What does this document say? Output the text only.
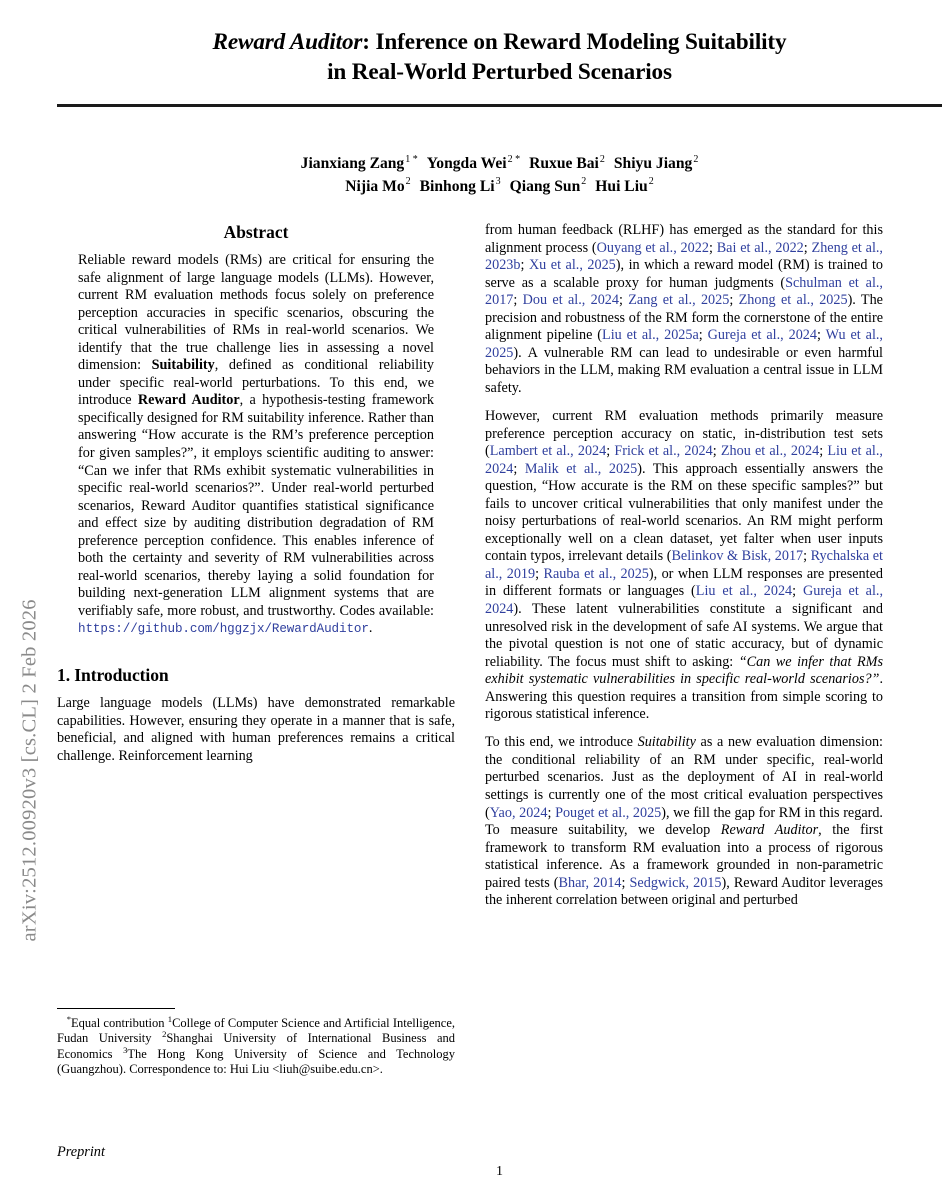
arXiv:2512.00920v3 [cs.CL] 2 Feb 2026
Reward Auditor: Inference on Reward Modeling Suitability
in Real-World Perturbed Scenarios
Jianxiang Zang$^{1 *}$ Yongda Wei$^{2 *}$ Ruxue Bai$^2$ Shiyu Jiang$^2$
Nijia Mo$^2$ Binhong Li$^3$ Qiang Sun$^2$ Hui Liu$^2$
Abstract
Reliable reward models (RMs) are critical for ensuring the safe alignment of large language models (LLMs). However, current RM evaluation methods focus solely on preference perception accuracies in specific scenarios, obscuring the critical vulnerabilities of RMs in real-world scenarios. We identify that the true challenge lies in assessing a novel dimension: Suitability, defined as conditional reliability under specific real-world perturbations. To this end, we introduce Reward Auditor, a hypothesis-testing framework specifically designed for RM suitability inference. Rather than answering “How accurate is the RM’s preference perception for given samples?”, it employs scientific auditing to answer: “Can we infer that RMs exhibit systematic vulnerabilities in specific real-world scenarios?”. Under real-world perturbed scenarios, Reward Auditor quantifies statistical significance and effect size by auditing distribution degradation of RM preference perception confidence. This enables inference of both the certainty and severity of RM vulnerabilities across real-world scenarios, thereby laying a solid foundation for building next-generation LLM alignment systems that are verifiably safe, more robust, and trustworthy. Codes available: https://github.com/hggzjx/RewardAuditor.
1. Introduction

Large language models (LLMs) have demonstrated remarkable capabilities. However, ensuring they operate in a manner that is safe, beneficial, and aligned with human preferences remains a critical challenge. Reinforcement learning

from human feedback (RLHF) has emerged as the standard for this alignment process (Ouyang et al., 2022; Bai et al., 2022; Zheng et al., 2023b; Xu et al., 2025), in which a reward model (RM) is trained to serve as a scalable proxy for human judgments (Schulman et al., 2017; Dou et al., 2024; Zang et al., 2025; Zhong et al., 2025). The precision and robustness of the RM form the cornerstone of the entire alignment pipeline (Liu et al., 2025a; Gureja et al., 2024; Wu et al., 2025). A vulnerable RM can lead to undesirable or even harmful behaviors in the LLM, making RM evaluation a central issue in LLM safety.

However, current RM evaluation methods primarily measure preference perception accuracy on static, in-distribution test sets (Lambert et al., 2024; Frick et al., 2024; Zhou et al., 2024; Liu et al., 2024; Malik et al., 2025). This approach essentially answers the question, “How accurate is the RM on these specific samples?” but fails to uncover critical vulnerabilities that only manifest under the noisy perturbations of real-world scenarios. An RM might perform exceptionally well on a clean dataset, yet falter when user inputs contain typos, irrelevant details (Belinkov & Bisk, 2017; Rychalska et al., 2019; Rauba et al., 2025), or when LLM responses are presented in different formats or languages (Liu et al., 2024; Gureja et al., 2024). These latent vulnerabilities constitute a significant and unresolved risk in the development of safe AI systems. We argue that the pivotal question is not one of static accuracy, but of dynamic reliability. The focus must shift to asking: “Can we infer that RMs exhibit systematic vulnerabilities in specific real-world scenarios?”. Answering this question requires a transition from simple scoring to rigorous statistical inference.

To this end, we introduce Suitability as a new evaluation dimension: the conditional reliability of an RM under specific, real-world perturbed scenarios. Just as the deployment of AI in real-world settings is currently one of the most critical evaluation perspectives (Yao, 2024; Pouget et al., 2025), we fill the gap for RM in this regard. To measure suitability, we develop Reward Auditor, the first framework to transform RM evaluation into a process of rigorous statistical inference. As a framework grounded in non-parametric paired tests (Bhar, 2014; Sedgwick, 2015), Reward Auditor leverages the inherent correlation between original and perturbed

*Equal contribution $^1$College of Computer Science and Artificial Intelligence, Fudan University $^2$Shanghai University of International Business and Economics $^3$The Hong Kong University of Science and Technology (Guangzhou). Correspondence to: Hui Liu <liuh@suibe.edu.cn>.
Preprint
1
